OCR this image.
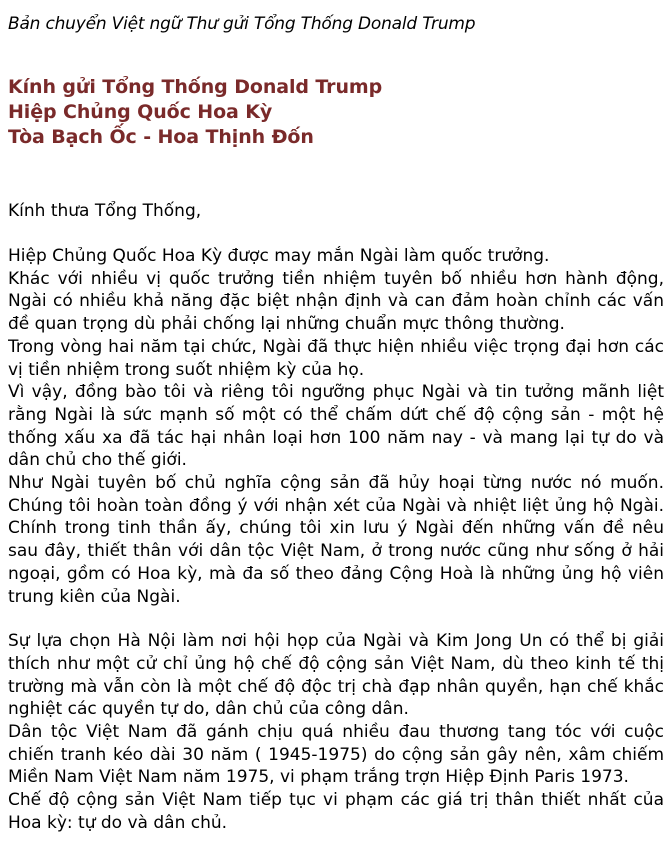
Bản chuyển Việt ngữ Thư gửi Tổng Thống Donald Trump

Kính gửi Tổng Thống Donald Trump
Hiệp Chủng Quốc Hoa Kỳ
Tòa Bạch Ốc - Hoa Thịnh Đốn
Kính thưa Tổng Thống,
Hiệp Chủng Quốc Hoa Kỳ được may mắn Ngài làm quốc trưởng.
Khác với nhiều vị quốc trưởng tiền nhiệm tuyên bố nhiều hơn hành động,
Ngài có nhiều khả năng đặc biệt nhận định và can đảm hoàn chỉnh các vấn
đề quan trọng dù phải chống lại những chuẩn mực thông thường.
Trong vòng hai năm tại chức, Ngài đã thực hiện nhiều việc trọng đại hơn các
vị tiền nhiệm trong suốt nhiệm kỳ của họ.
Vì vậy, đồng bào tôi và riêng tôi ngưỡng phục Ngài và tin tưởng mãnh liệt
rằng Ngài là sức mạnh số một có thể chấm dứt chế độ cộng sản - một hệ
thống xấu xa đã tác hại nhân loại hơn 100 năm nay - và mang lại tự do và
dân chủ cho thế giới.
Như Ngài tuyên bố chủ nghĩa cộng sản đã hủy hoại từng nước nó muốn.
Chúng tôi hoàn toàn đồng ý với nhận xét của Ngài và nhiệt liệt ủng hộ Ngài.
Chính trong tinh thần ấy, chúng tôi xin lưu ý Ngài đến những vấn đề nêu
sau đây, thiết thân với dân tộc Việt Nam, ở trong nước cũng như sống ở hải
ngoại, gồm có Hoa kỳ, mà đa số theo đảng Cộng Hoà là những ủng hộ viên
trung kiên của Ngài.
Sự lựa chọn Hà Nội làm nơi hội họp của Ngài và Kim Jong Un có thể bị giải
thích như một cử chỉ ủng hộ chế độ cộng sản Việt Nam, dù theo kinh tế thị
trường mà vẫn còn là một chế độ độc trị chà đạp nhân quyền, hạn chế khắc
nghiệt các quyền tự do, dân chủ của công dân.
Dân tộc Việt Nam đã gánh chịu quá nhiều đau thương tang tóc với cuộc
chiến tranh kéo dài 30 năm ( 1945-1975) do cộng sản gây nên, xâm chiếm
Miền Nam Việt Nam năm 1975, vi phạm trắng trợn Hiệp Định Paris 1973.
Chế độ cộng sản Việt Nam tiếp tục vi phạm các giá trị thân thiết nhất của
Hoa kỳ: tự do và dân chủ.
